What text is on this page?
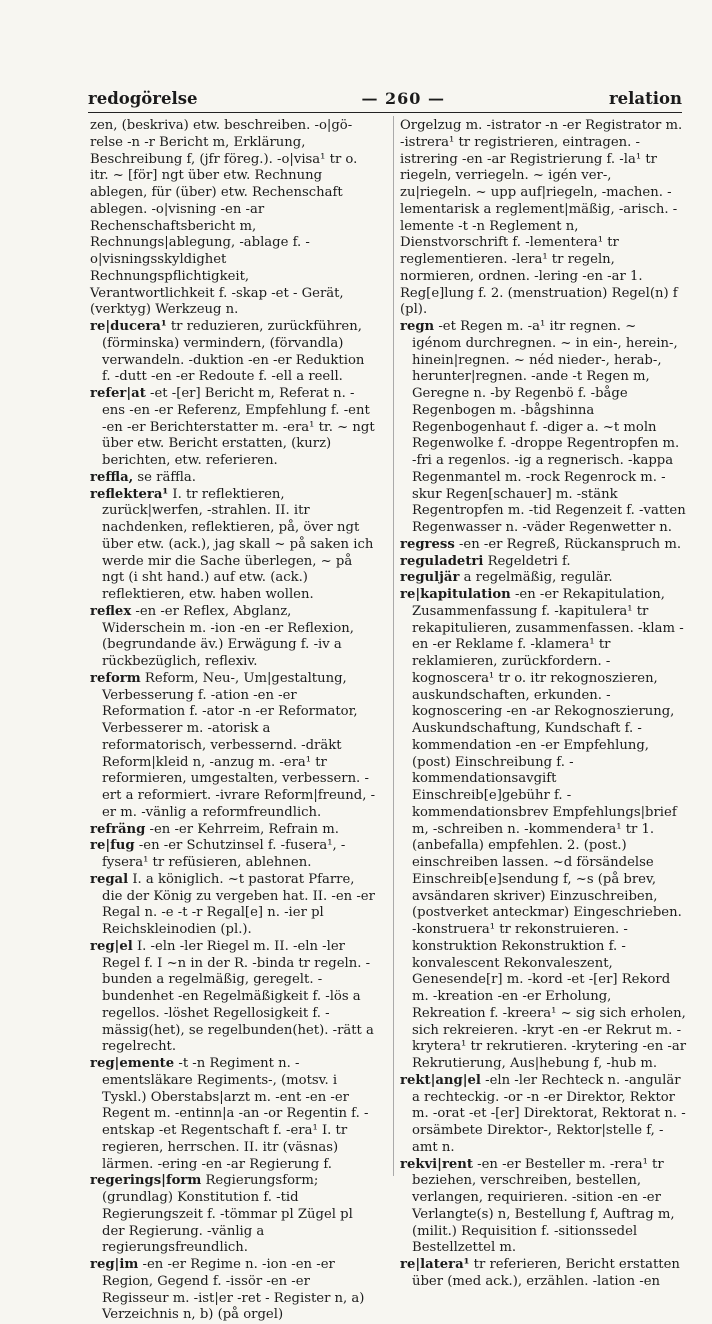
redogörelse	— 260 —	relation

zen, (beskriva) etw. beschreiben. -o|gö-relse -n -r Bericht m, Erklärung, Beschreibung f, (jfr föreg.). -o|visa¹ tr o. itr. ~ [för] ngt über etw. Rechnung ablegen, für (über) etw. Rechenschaft ablegen. -o|visning -en -ar Rechenschaftsbericht m, Rechnungs|ablegung, -ablage f. -o|visningsskyldighet Rechnungspflichtigkeit, Verantwortlichkeit f. -skap -et - Gerät, (verktyg) Werkzeug n.

re|ducera¹ tr reduzieren, zurückführen, (förminska) vermindern, (förvandla) verwandeln. -duktion -en -er Reduktion f. -dutt -en -er Redoute f. -ell a reell.

refer|at -et -[er] Bericht m, Referat n. -ens -en -er Referenz, Empfehlung f. -ent -en -er Berichterstatter m. -era¹ tr. ~ ngt über etw. Bericht erstatten, (kurz) berichten, etw. referieren.

reffla, se räffla.

reflektera¹ I. tr reflektieren, zurück|werfen, -strahlen. II. itr nachdenken, reflektieren, på, över ngt über etw. (ack.), jag skall ~ på saken ich werde mir die Sache überlegen, ~ på ngt (i sht hand.) auf etw. (ack.) reflektieren, etw. haben wollen.

reflex -en -er Reflex, Abglanz, Widerschein m. -ion -en -er Reflexion, (begrundande äv.) Erwägung f. -iv a rückbezüglich, reflexiv.

reform Reform, Neu-, Um|gestaltung, Verbesserung f. -ation -en -er Reformation f. -ator -n -er Reformator, Verbesserer m. -atorisk a reformatorisch, verbessernd. -dräkt Reform|kleid n, -anzug m. -era¹ tr reformieren, umgestalten, verbessern. -ert a reformiert. -ivrare Reform|freund, -er m. -vänlig a reformfreundlich.

refräng -en -er Kehrreim, Refrain m.

re|fug -en -er Schutzinsel f. -fusera¹, -fysera¹ tr refüsieren, ablehnen.

regal I. a königlich. ~t pastorat Pfarre, die der König zu vergeben hat. II. -en -er Regal n. -e -t -r Regal[e] n. -ier pl Reichskleinodien (pl.).

reg|el I. -eln -ler Riegel m. II. -eln -ler Regel f. I ~n in der R. -binda tr regeln. -bunden a regelmäßig, geregelt. -bundenhet -en Regelmäßigkeit f. -lös a regellos. -löshet Regellosigkeit f. -mässig(het), se regelbunden(het). -rätt a regelrecht.

reg|emente -t -n Regiment n. -ementsläkare Regiments-, (motsv. i Tyskl.) Oberstabs|arzt m. -ent -en -er Regent m. -entinn|a -an -or Regentin f. -entskap -et Regentschaft f. -era¹ I. tr regieren, herrschen. II. itr (väsnas) lärmen. -ering -en -ar Regierung f.

regerings|form Regierungsform; (grundlag) Konstitution f. -tid Regierungszeit f. -tömmar pl Zügel pl der Regierung. -vänlig a regierungsfreundlich.

reg|im -en -er Regime n. -ion -en -er Region, Gegend f. -issör -en -er Regisseur m. -ist|er -ret - Register n, a) Verzeichnis n, b) (på orgel)

Orgelzug m. -istrator -n -er Registrator m. -istrera¹ tr registrieren, eintragen. -istrering -en -ar Registrierung f. -la¹ tr riegeln, verriegeln. ~ igén ver-, zu|riegeln. ~ upp auf|riegeln, -machen. -lementarisk a reglement|mäßig, -arisch. -lemente -t -n Reglement n, Dienstvorschrift f. -lementera¹ tr reglementieren. -lera¹ tr regeln, normieren, ordnen. -lering -en -ar 1. Reg[e]lung f. 2. (menstruation) Regel(n) f (pl).

regn -et Regen m. -a¹ itr regnen. ~ igénom durchregnen. ~ in ein-, herein-, hinein|regnen. ~ néd nieder-, herab-, herunter|regnen. -ande -t Regen m, Geregne n. -by Regenbö f. -båge Regenbogen m. -bågshinna Regenbogenhaut f. -diger a. ~t moln Regenwolke f. -droppe Regentropfen m. -fri a regenlos. -ig a regnerisch. -kappa Regenmantel m. -rock Regenrock m. -skur Regen[schauer] m. -stänk Regentropfen m. -tid Regenzeit f. -vatten Regenwasser n. -väder Regenwetter n.

regress -en -er Regreß, Rückanspruch m.

reguladetri Regeldetri f.

reguljär a regelmäßig, regulär.

re|kapitulation -en -er Rekapitulation, Zusammenfassung f. -kapitulera¹ tr rekapitulieren, zusammenfassen. -klam -en -er Reklame f. -klamera¹ tr reklamieren, zurückfordern. -kognoscera¹ tr o. itr rekognoszieren, auskundschaften, erkunden. -kognoscering -en -ar Rekognoszierung, Auskundschaftung, Kundschaft f. -kommendation -en -er Empfehlung, (post) Einschreibung f. -kommendationsavgift Einschreib[e]gebühr f. -kommendationsbrev Empfehlungs|brief m, -schreiben n. -kommendera¹ tr 1. (anbefalla) empfehlen. 2. (post.) einschreiben lassen. ~d försändelse Einschreib[e]sendung f, ~s (på brev, avsändaren skriver) Einzuschreiben, (postverket anteckmar) Eingeschrieben. -konstruera¹ tr rekonstruieren. -konstruktion Rekonstruktion f. -konvalescent Rekonvaleszent, Genesende[r] m. -kord -et -[er] Rekord m. -kreation -en -er Erholung, Rekreation f. -kreera¹ ~ sig sich erholen, sich rekreieren. -kryt -en -er Rekrut m. -krytera¹ tr rekrutieren. -krytering -en -ar Rekrutierung, Aus|hebung f, -hub m.

rekt|ang|el -eln -ler Rechteck n. -angulär a rechteckig. -or -n -er Direktor, Rektor m. -orat -et -[er] Direktorat, Rektorat n. -orsämbete Direktor-, Rektor|stelle f, -amt n.

rekvi|rent -en -er Besteller m. -rera¹ tr beziehen, verschreiben, bestellen, verlangen, requirieren. -sition -en -er Verlangte(s) n, Bestellung f, Auftrag m, (milit.) Requisition f. -sitionssedel Bestellzettel m.

re|latera¹ tr referieren, Bericht erstatten über (med ack.), erzählen. -lation -en
